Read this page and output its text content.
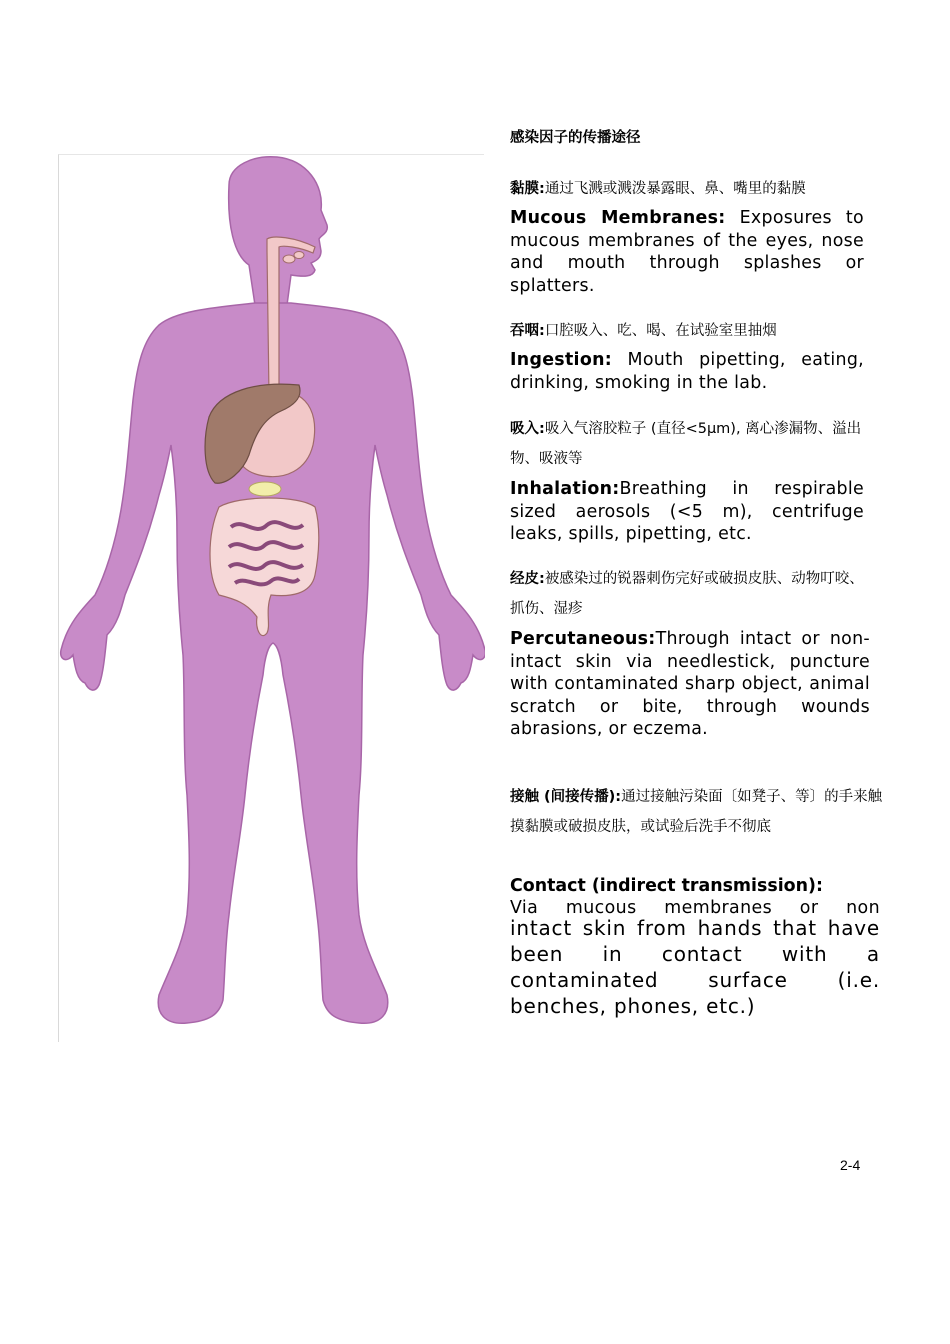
感染因子的传播途径
黏膜:通过飞溅或溅泼暴露眼、鼻、嘴里的黏膜
Mucous Membranes: Exposures to mucous membranes of the eyes, nose and mouth through splashes or splatters.
吞咽:口腔吸入、吃、喝、在试验室里抽烟
Ingestion: Mouth pipetting, eating, drinking, smoking in the lab.
吸入:吸入气溶胶粒子 (直径<5μm), 离心渗漏物、溢出物、吸液等
Inhalation:Breathing in respirable sized aerosols (<5 m), centrifuge leaks, spills, pipetting, etc.
经皮:被感染过的锐器刺伤完好或破损皮肤、动物叮咬、抓伤、湿疹
Percutaneous:Through intact or non-intact skin via needlestick, puncture with contaminated sharp object, animal scratch or bite, through wounds abrasions, or eczema.
接触 (间接传播):通过接触污染面〔如凳子、等〕的手来触摸黏膜或破损皮肤，或试验后洗手不彻底
Contact (indirect transmission):
Via mucous membranes or non
intact skin from hands that have been in contact with a contaminated surface (i.e. benches, phones, etc.)
2-4
